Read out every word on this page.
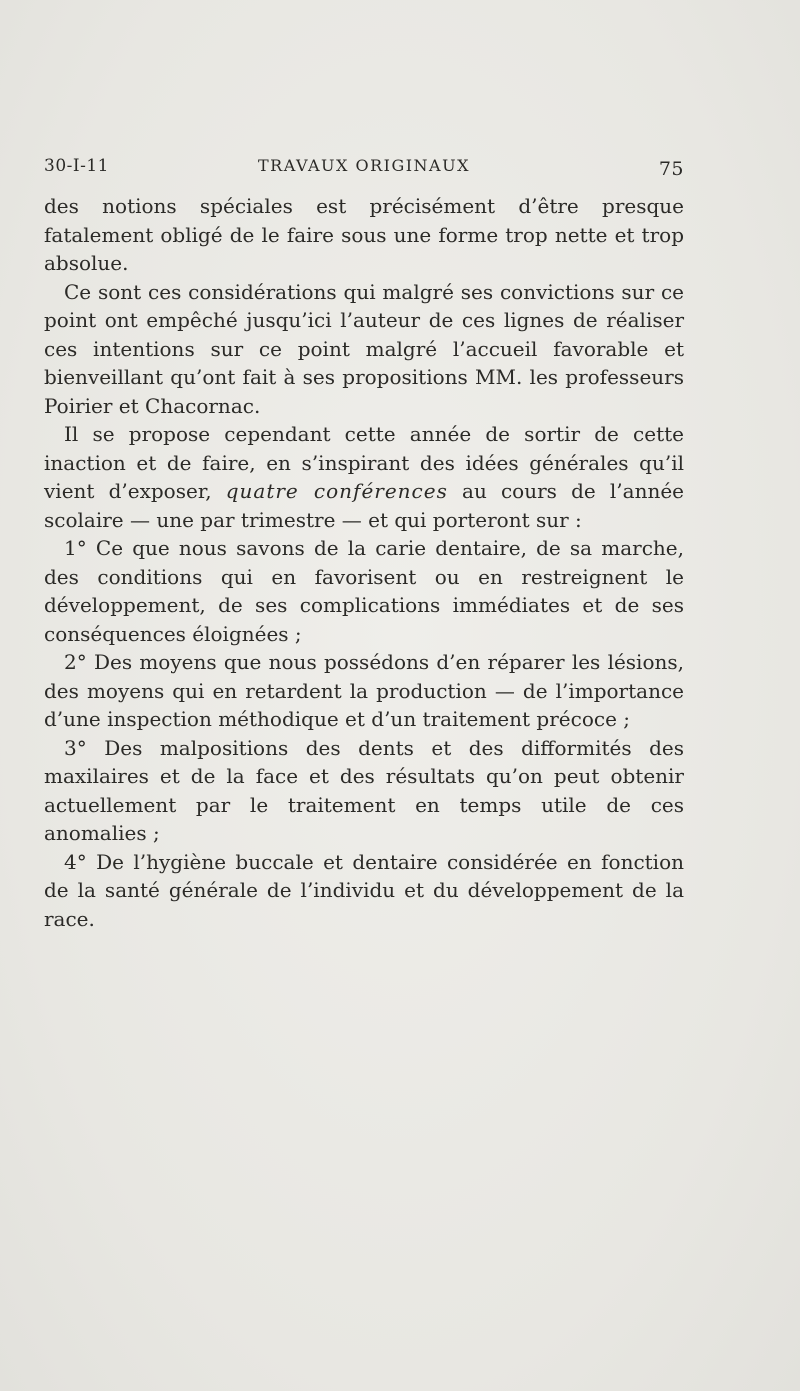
30-I-11	TRAVAUX ORIGINAUX	75

des notions spéciales est précisément d’être presque fatalement obligé de le faire sous une forme trop nette et trop absolue.

Ce sont ces considérations qui malgré ses convictions sur ce point ont empêché jusqu’ici l’auteur de ces lignes de réaliser ces intentions sur ce point malgré l’accueil favorable et bienveillant qu’ont fait à ses propositions MM. les professeurs Poirier et Chacornac.

Il se propose cependant cette année de sortir de cette inaction et de faire, en s’inspirant des idées générales qu’il vient d’exposer, quatre conférences au cours de l’année scolaire — une par trimestre — et qui porteront sur :

1° Ce que nous savons de la carie dentaire, de sa marche, des conditions qui en favorisent ou en restreignent le développement, de ses complications immédiates et de ses conséquences éloignées ;

2° Des moyens que nous possédons d’en réparer les lésions, des moyens qui en retardent la production — de l’importance d’une inspection méthodique et d’un traitement précoce ;

3° Des malpositions des dents et des difformités des maxilaires et de la face et des résultats qu’on peut obtenir actuellement par le traitement en temps utile de ces anomalies ;

4° De l’hygiène buccale et dentaire considérée en fonction de la santé générale de l’individu et du développement de la race.
